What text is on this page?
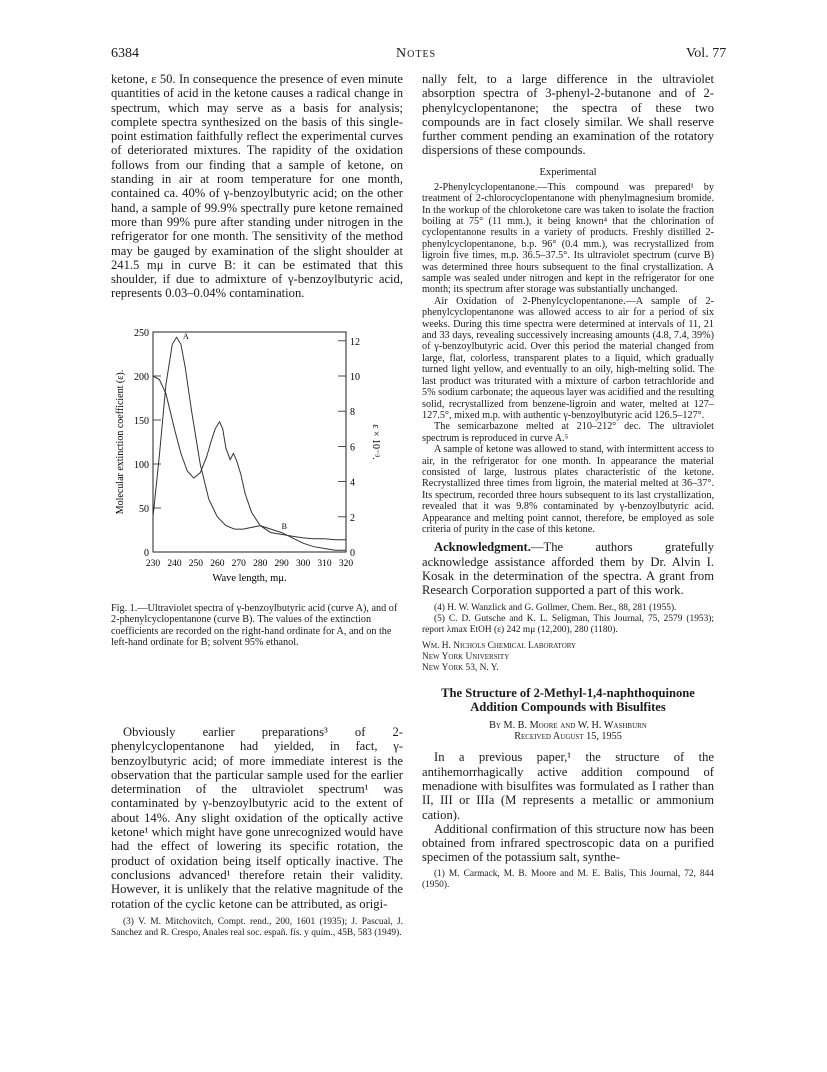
6384	Notes	Vol. 77

ketone, ε 50. In consequence the presence of even minute quantities of acid in the ketone causes a radical change in spectrum, which may serve as a basis for analysis; complete spectra synthesized on the basis of this single-point estimation faithfully reflect the experimental curves of deteriorated mixtures. The rapidity of the oxidation follows from our finding that a sample of ketone, on standing in air at room temperature for one month, contained ca. 40% of γ-benzoylbutyric acid; on the other hand, a sample of 99.9% spectrally pure ketone remained more than 99% pure after standing under nitrogen in the refrigerator for one month. The sensitivity of the method may be gauged by examination of the slight shoulder at 241.5 mμ in curve B: it can be estimated that this shoulder, if due to admixture of γ-benzoylbutyric acid, represents 0.03–0.04% contamination.

0
50
100
150
200
250
0
2
4
6
8
10
12
230 240 250 260 270 280 290 300 310 320
Wave length, mμ.
Molecular extinction coefficient (ε).	ε × 10⁻³.
A
B

Fig. 1.—Ultraviolet spectra of γ-benzoylbutyric acid (curve A), and of 2-phenylcyclopentanone (curve B). The values of the extinction coefficients are recorded on the right-hand ordinate for A, and on the left-hand ordinate for B; solvent 95% ethanol.

Obviously earlier preparations³ of 2-phenylcyclopentanone had yielded, in fact, γ-benzoylbutyric acid; of more immediate interest is the observation that the particular sample used for the earlier determination of the ultraviolet spectrum¹ was contaminated by γ-benzoylbutyric acid to the extent of about 14%. Any slight oxidation of the optically active ketone¹ which might have gone unrecognized would have had the effect of lowering its specific rotation, the product of oxidation being itself optically inactive. The conclusions advanced¹ therefore retain their validity. However, it is unlikely that the relative magnitude of the rotation of the cyclic ketone can be attributed, as origi-

(3) V. M. Mitchovitch, Compt. rend., 200, 1601 (1935); J. Pascual, J. Sanchez and R. Crespo, Anales real soc. españ. fís. y quím., 45B, 583 (1949).

nally felt, to a large difference in the ultraviolet absorption spectra of 3-phenyl-2-butanone and of 2-phenylcyclopentanone; the spectra of these two compounds are in fact closely similar. We shall reserve further comment pending an examination of the rotatory dispersions of these compounds.

Experimental

2-Phenylcyclopentanone.—This compound was prepared¹ by treatment of 2-chlorocyclopentanone with phenylmagnesium bromide. In the workup of the chloroketone care was taken to isolate the fraction boiling at 75° (11 mm.), it being known⁴ that the chlorination of cyclopentanone results in a variety of products. Freshly distilled 2-phenylcyclopentanone, b.p. 96° (0.4 mm.), was recrystallized from ligroin five times, m.p. 36.5–37.5°. Its ultraviolet spectrum (curve B) was determined three hours subsequent to the final crystallization. A sample was sealed under nitrogen and kept in the refrigerator for one month; its spectrum after storage was substantially unchanged.

Air Oxidation of 2-Phenylcyclopentanone.—A sample of 2-phenylcyclopentanone was allowed access to air for a period of six weeks. During this time spectra were determined at intervals of 11, 21 and 33 days, revealing successively increasing amounts (4.8, 7.4, 39%) of γ-benzoylbutyric acid. Over this period the material changed from large, flat, colorless, transparent plates to a liquid, which gradually turned light yellow, and eventually to an oily, high-melting solid. The last product was triturated with a mixture of carbon tetrachloride and 5% sodium carbonate; the aqueous layer was acidified and the resulting solid, recrystallized from benzene-ligroin and water, melted at 127–127.5°, mixed m.p. with authentic γ-benzoylbutyric acid 126.5–127°.

The semicarbazone melted at 210–212° dec. The ultraviolet spectrum is reproduced in curve A.⁵

A sample of ketone was allowed to stand, with intermittent access to air, in the refrigerator for one month. In appearance the material consisted of large, lustrous plates characteristic of the ketone. Recrystallized three times from ligroin, the material melted at 36–37°. Its spectrum, recorded three hours subsequent to its last crystallization, revealed that it was 9.8% contaminated by γ-benzoylbutyric acid. Appearance and melting point cannot, therefore, be employed as sole criteria of purity in the case of this ketone.

Acknowledgment.—The authors gratefully acknowledge assistance afforded them by Dr. Alvin I. Kosak in the determination of the spectra. A grant from Research Corporation supported a part of this work.

(4) H. W. Wanzlick and G. Gollmer, Chem. Ber., 88, 281 (1955).

(5) C. D. Gutsche and K. L. Seligman, This Journal, 75, 2579 (1953); report λmax EtOH (ε) 242 mμ (12,200), 280 (1180).

Wm. H. Nichols Chemical Laboratory

New York University

New York 53, N. Y.

The Structure of 2-Methyl-1,4-naphthoquinone Addition Compounds with Bisulfites

By M. B. Moore and W. H. Washburn

Received August 15, 1955

In a previous paper,¹ the structure of the antihemorrhagically active addition compound of menadione with bisulfites was formulated as I rather than II, III or IIIa (M represents a metallic or ammonium cation).

Additional confirmation of this structure now has been obtained from infrared spectroscopic data on a purified specimen of the potassium salt, synthe-

(1) M. Carmack, M. B. Moore and M. E. Balis, This Journal, 72, 844 (1950).
